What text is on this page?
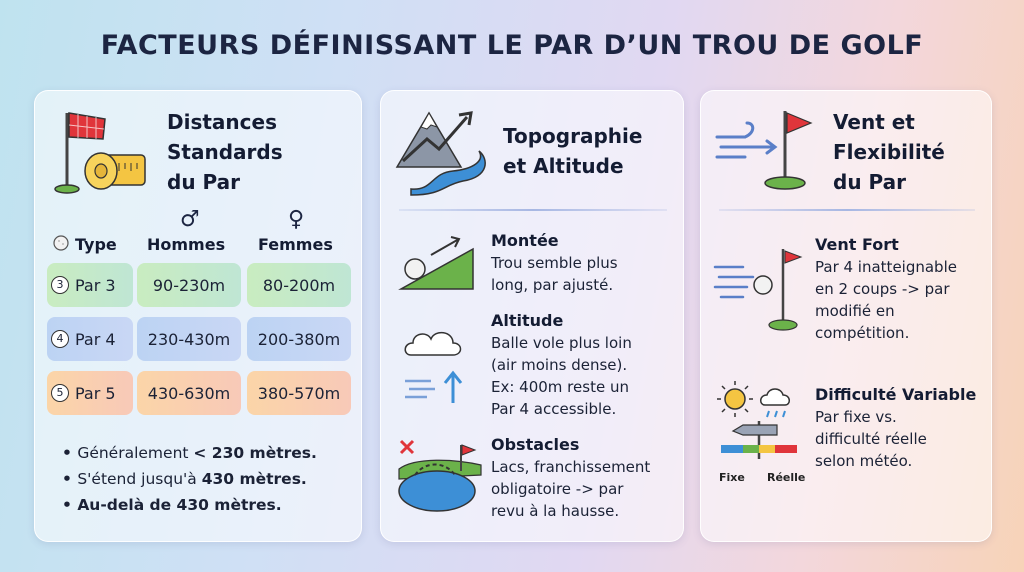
FACTEURS DÉFINISSANT LE PAR D’UN TROU DE GOLF
Distances
Standards
du Par
♂	♀
Type Hommes Femmes
3 Par 3	90-230m	80-200m
4 Par 4	230-430m	200-380m
5 Par 5	430-630m	380-570m
• Généralement < 230 mètres.
• S'étend jusqu'à 430 mètres.
• Au-delà de 430 mètres.
Topographie
et Altitude
Montée
Trou semble plus
long, par ajusté.
Altitude
Balle vole plus loin
(air moins dense).
Ex: 400m reste un
Par 4 accessible.
Obstacles
Lacs, franchissement
obligatoire -> par
revu à la hausse.
Vent et
Flexibilité
du Par
Vent Fort
Par 4 inatteignable
en 2 coups -> par
modifié en
compétition.
Fixe Réelle
Difficulté Variable
Par fixe vs.
difficulté réelle
selon météo.
